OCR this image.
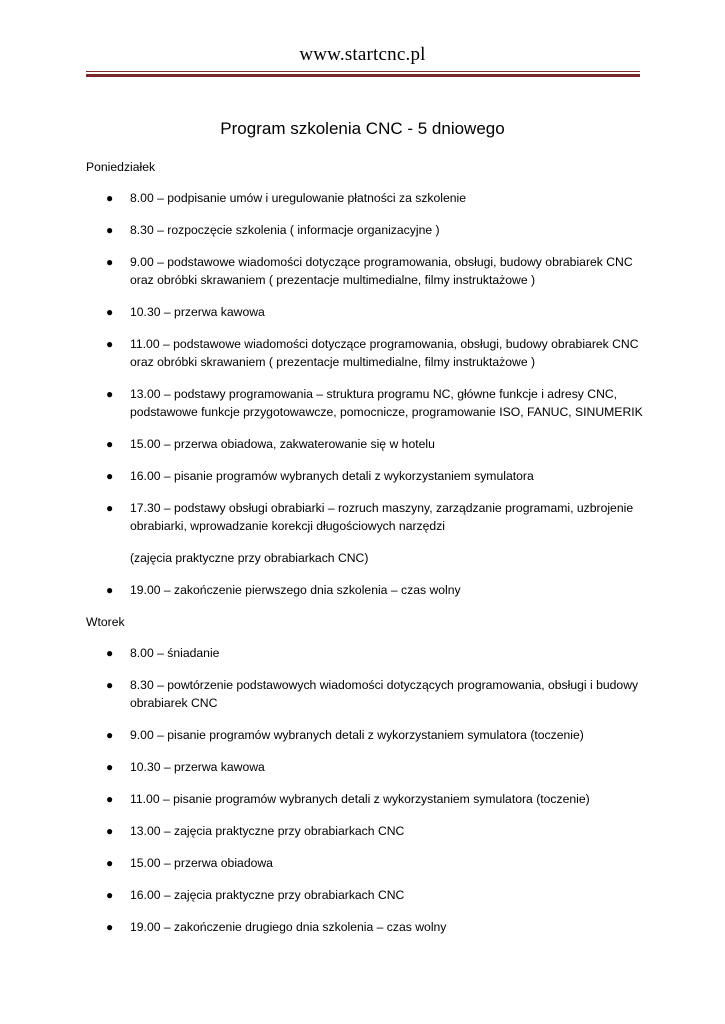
www.startcnc.pl
Program szkolenia CNC - 5 dniowego
Poniedziałek
● 8.00 – podpisanie umów i uregulowanie płatności za szkolenie
● 8.30 – rozpoczęcie szkolenia ( informacje organizacyjne )
● 9.00 – podstawowe wiadomości dotyczące programowania, obsługi, budowy obrabiarek CNC oraz obróbki skrawaniem ( prezentacje multimedialne, filmy instruktażowe )
● 10.30 – przerwa kawowa
● 11.00 – podstawowe wiadomości dotyczące programowania, obsługi, budowy obrabiarek CNC oraz obróbki skrawaniem ( prezentacje multimedialne, filmy instruktażowe )
● 13.00 – podstawy programowania – struktura programu NC, główne funkcje i adresy CNC, podstawowe funkcje przygotowawcze, pomocnicze, programowanie ISO, FANUC, SINUMERIK
● 15.00 – przerwa obiadowa, zakwaterowanie się w hotelu
● 16.00 – pisanie programów wybranych detali z wykorzystaniem symulatora
● 17.30 – podstawy obsługi obrabiarki – rozruch maszyny, zarządzanie programami, uzbrojenie obrabiarki, wprowadzanie korekcji długościowych narzędzi
(zajęcia praktyczne przy obrabiarkach CNC)
● 19.00 – zakończenie pierwszego dnia szkolenia – czas wolny
Wtorek
● 8.00 – śniadanie
● 8.30 – powtórzenie podstawowych wiadomości dotyczących programowania, obsługi i budowy obrabiarek CNC
● 9.00 – pisanie programów wybranych detali z wykorzystaniem symulatora (toczenie)
● 10.30 – przerwa kawowa
● 11.00 – pisanie programów wybranych detali z wykorzystaniem symulatora (toczenie)
● 13.00 – zajęcia praktyczne przy obrabiarkach CNC
● 15.00 – przerwa obiadowa
● 16.00 – zajęcia praktyczne przy obrabiarkach CNC
● 19.00 – zakończenie drugiego dnia szkolenia – czas wolny
